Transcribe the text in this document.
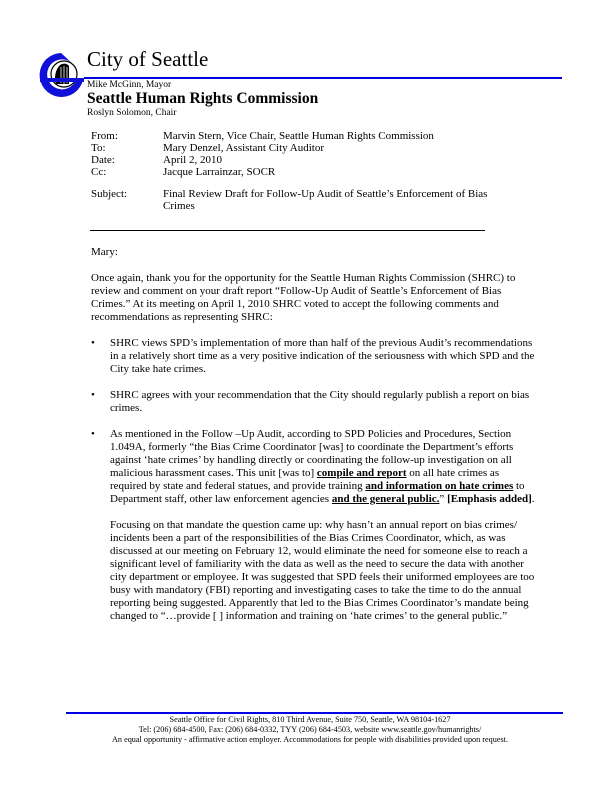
City of Seattle
Mike McGinn, Mayor
Seattle Human Rights Commission
Roslyn Solomon, Chair
From:	Marvin Stern, Vice Chair, Seattle Human Rights Commission
To:	Mary Denzel, Assistant City Auditor
Date:	April 2, 2010
Cc:	Jacque Larrainzar, SOCR
Subject:	Final Review Draft for Follow-Up Audit of Seattle’s Enforcement of Bias Crimes
Mary:
Once again, thank you for the opportunity for the Seattle Human Rights Commission (SHRC) to review and comment on your draft report “Follow-Up Audit of Seattle’s Enforcement of Bias Crimes.” At its meeting on April 1, 2010 SHRC voted to accept the following comments and recommendations as representing SHRC:
• SHRC views SPD’s implementation of more than half of the previous Audit’s recommendations in a relatively short time as a very positive indication of the seriousness with which SPD and the City take hate crimes.

• SHRC agrees with your recommendation that the City should regularly publish a report on bias crimes.

• As mentioned in the Follow –Up Audit, according to SPD Policies and Procedures, Section 1.049A, formerly “the Bias Crime Coordinator [was] to coordinate the Department’s efforts against ‘hate crimes’ by handling directly or coordinating the follow-up investigation on all malicious harassment cases. This unit [was to] compile and report on all hate crimes as required by state and federal statues, and provide training and information on hate crimes to Department staff, other law enforcement agencies and the general public.” [Emphasis added].

Focusing on that mandate the question came up: why hasn’t an annual report on bias crimes/ incidents been a part of the responsibilities of the Bias Crimes Coordinator, which, as was discussed at our meeting on February 12, would eliminate the need for someone else to reach a significant level of familiarity with the data as well as the need to secure the data with another city department or employee. It was suggested that SPD feels their uniformed employees are too busy with mandatory (FBI) reporting and investigating cases to take the time to do the annual reporting being suggested. Apparently that led to the Bias Crimes Coordinator’s mandate being changed to “…provide [ ] information and training on ‘hate crimes’ to the general public.”

Seattle Office for Civil Rights, 810 Third Avenue, Suite 750, Seattle, WA 98104-1627
Tel: (206) 684-4500, Fax: (206) 684-0332, TYY (206) 684-4503, website www.seattle.gov/humanrights/
An equal opportunity - affirmative action employer. Accommodations for people with disabilities provided upon request.
